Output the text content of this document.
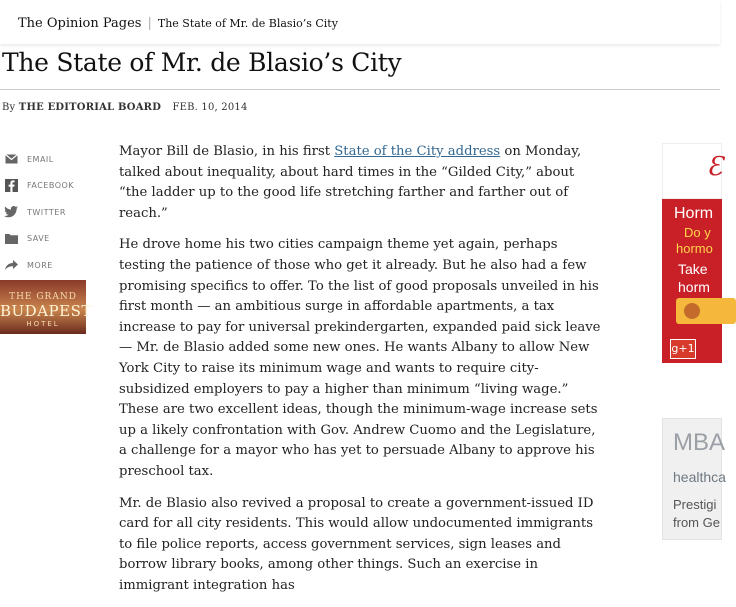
The Opinion Pages | The State of Mr. de Blasio’s City
The State of Mr. de Blasio’s City
By THE EDITORIAL BOARD FEB. 10, 2014
EMAIL
FACEBOOK
TWITTER
SAVE
MORE
THE GRAND
BUDAPEST
HOTEL

Mayor Bill de Blasio, in his first State of the City address on Monday, talked about inequality, about hard times in the “Gilded City,” about “the ladder up to the good life stretching farther and farther out of reach.”

He drove home his two cities campaign theme yet again, perhaps testing the patience of those who get it already. But he also had a few promising specifics to offer. To the list of good proposals unveiled in his first month — an ambitious surge in affordable apartments, a tax increase to pay for universal prekindergarten, expanded paid sick leave — Mr. de Blasio added some new ones. He wants Albany to allow New York City to raise its minimum wage and wants to require city-subsidized employers to pay a higher than minimum “living wage.” These are two excellent ideas, though the minimum-wage increase sets up a likely confrontation with Gov. Andrew Cuomo and the Legislature, a challenge for a mayor who has yet to persuade Albany to approve his preschool tax.

Mr. de Blasio also revived a proposal to create a government-issued ID card for all city residents. This would allow undocumented immigrants to file police reports, access government services, sign leases and borrow library books, among other things. Such an exercise in immigrant integration has

Ɛ
Horm
Do y
hormo
Take
horm
g+1
MBA
healthca
Prestigi
from Ge
